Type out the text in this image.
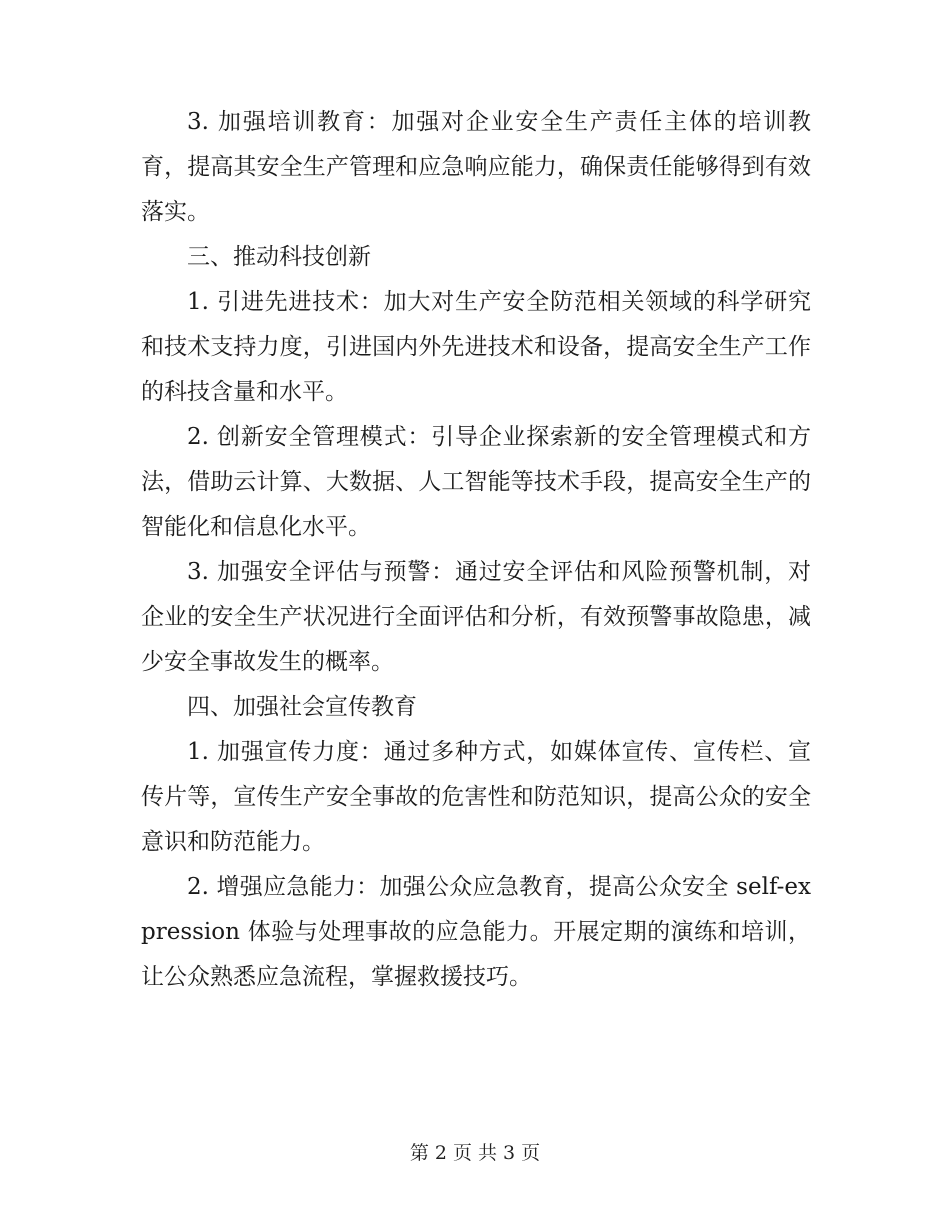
3. 加强培训教育：加强对企业安全生产责任主体的培训教育，提高其安全生产管理和应急响应能力，确保责任能够得到有效落实。

三、推动科技创新

1. 引进先进技术：加大对生产安全防范相关领域的科学研究和技术支持力度，引进国内外先进技术和设备，提高安全生产工作的科技含量和水平。

2. 创新安全管理模式：引导企业探索新的安全管理模式和方法，借助云计算、大数据、人工智能等技术手段，提高安全生产的智能化和信息化水平。

3. 加强安全评估与预警：通过安全评估和风险预警机制，对企业的安全生产状况进行全面评估和分析，有效预警事故隐患，减少安全事故发生的概率。

四、加强社会宣传教育

1. 加强宣传力度：通过多种方式，如媒体宣传、宣传栏、宣传片等，宣传生产安全事故的危害性和防范知识，提高公众的安全意识和防范能力。

2. 增强应急能力：加强公众应急教育，提高公众安全 self-expression 体验与处理事故的应急能力。开展定期的演练和培训，让公众熟悉应急流程，掌握救援技巧。

第 2 页 共 3 页
